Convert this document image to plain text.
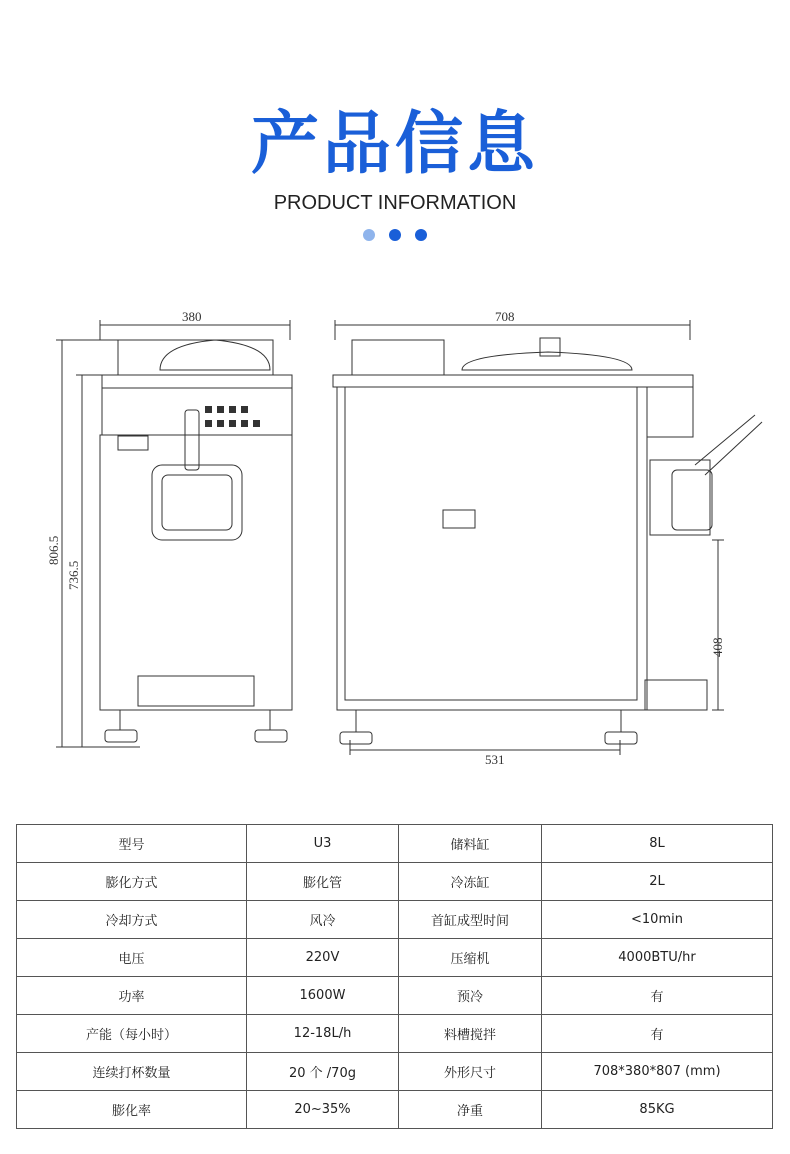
产品信息
PRODUCT INFORMATION
380	708
531
806.5
736.5
408
型号	U3	储料缸	8L
膨化方式	膨化管	冷冻缸	2L
冷却方式	风冷	首缸成型时间	<10min
电压	220V	压缩机	4000BTU/hr
功率	1600W	预冷	有
产能（每小时）	12-18L/h	料槽搅拌	有
连续打杯数量	20 个 /70g	外形尺寸	708*380*807 (mm)
膨化率	20~35%	净重	85KG
